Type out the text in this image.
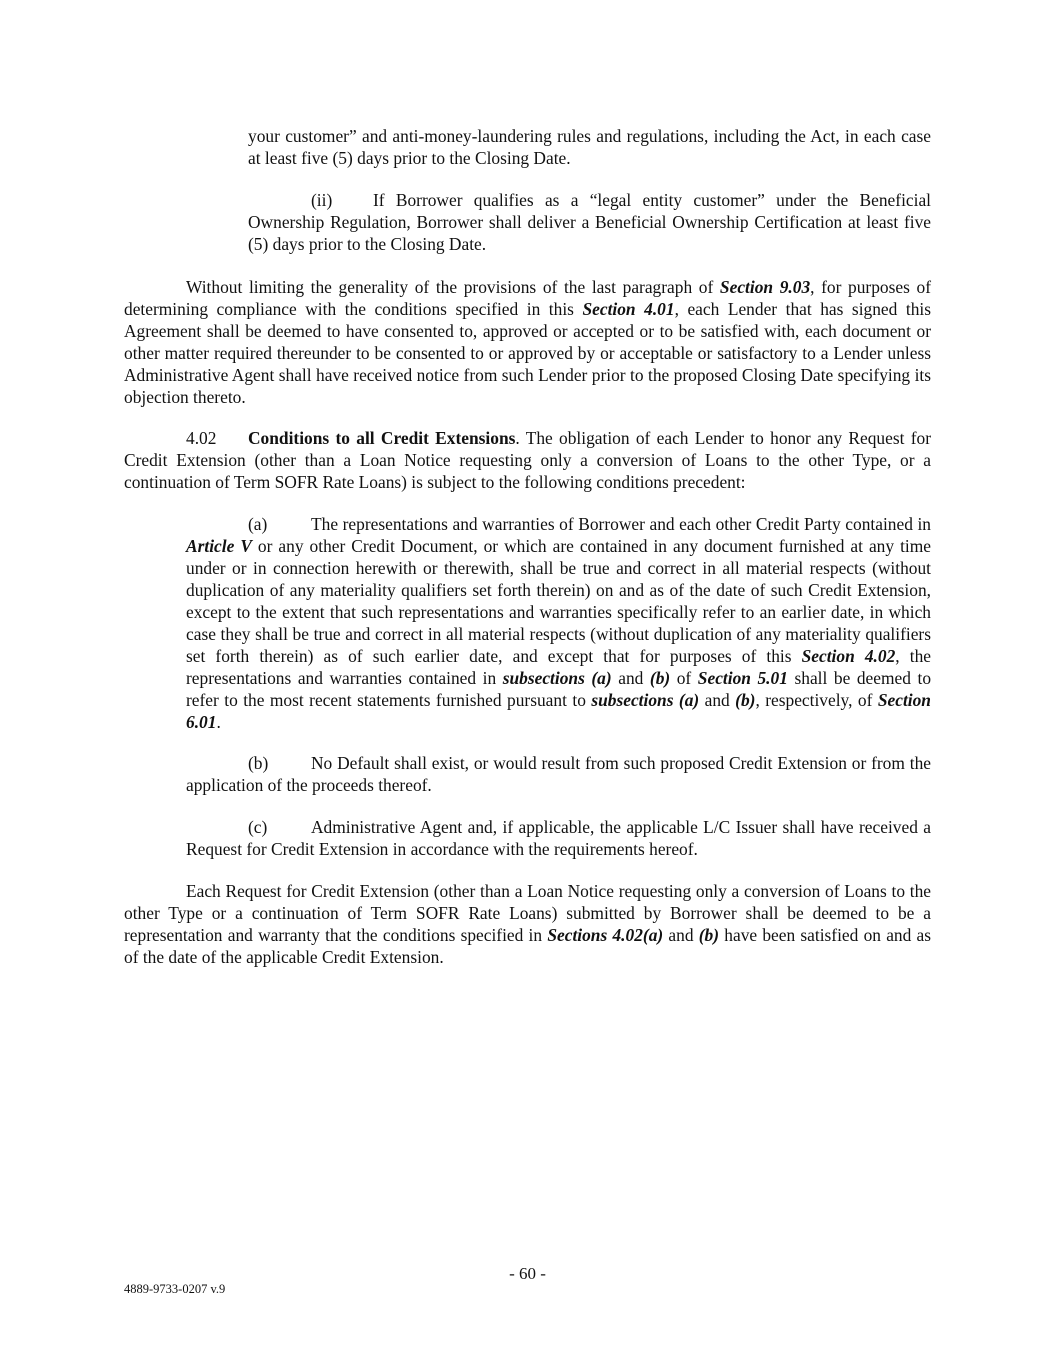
your customer” and anti-money-laundering rules and regulations, including the Act, in each case at least five (5) days prior to the Closing Date.

(ii) If Borrower qualifies as a “legal entity customer” under the Beneficial Ownership Regulation, Borrower shall deliver a Beneficial Ownership Certification at least five (5) days prior to the Closing Date.

Without limiting the generality of the provisions of the last paragraph of Section 9.03, for purposes of determining compliance with the conditions specified in this Section 4.01, each Lender that has signed this Agreement shall be deemed to have consented to, approved or accepted or to be satisfied with, each document or other matter required thereunder to be consented to or approved by or acceptable or satisfactory to a Lender unless Administrative Agent shall have received notice from such Lender prior to the proposed Closing Date specifying its objection thereto.

4.02 Conditions to all Credit Extensions. The obligation of each Lender to honor any Request for Credit Extension (other than a Loan Notice requesting only a conversion of Loans to the other Type, or a continuation of Term SOFR Rate Loans) is subject to the following conditions precedent:

(a)	The representations and warranties of Borrower and each other Credit Party contained in Article V or any other Credit Document, or which are contained in any document furnished at any time under or in connection herewith or therewith, shall be true and correct in all material respects (without duplication of any materiality qualifiers set forth therein) on and as of the date of such Credit Extension, except to the extent that such representations and warranties specifically refer to an earlier date, in which case they shall be true and correct in all material respects (without duplication of any materiality qualifiers set forth therein) as of such earlier date, and except that for purposes of this Section 4.02, the representations and warranties contained in subsections (a) and (b) of Section 5.01 shall be deemed to refer to the most recent statements furnished pursuant to subsections (a) and (b), respectively, of Section 6.01.

(b) No Default shall exist, or would result from such proposed Credit Extension or from the application of the proceeds thereof.

(c)	Administrative Agent and, if applicable, the applicable L/C Issuer shall have received a Request for Credit Extension in accordance with the requirements hereof.

Each Request for Credit Extension (other than a Loan Notice requesting only a conversion of Loans to the other Type or a continuation of Term SOFR Rate Loans) submitted by Borrower shall be deemed to be a representation and warranty that the conditions specified in Sections 4.02(a) and (b) have been satisfied on and as of the date of the applicable Credit Extension.

- 60 -
4889-9733-0207 v.9
